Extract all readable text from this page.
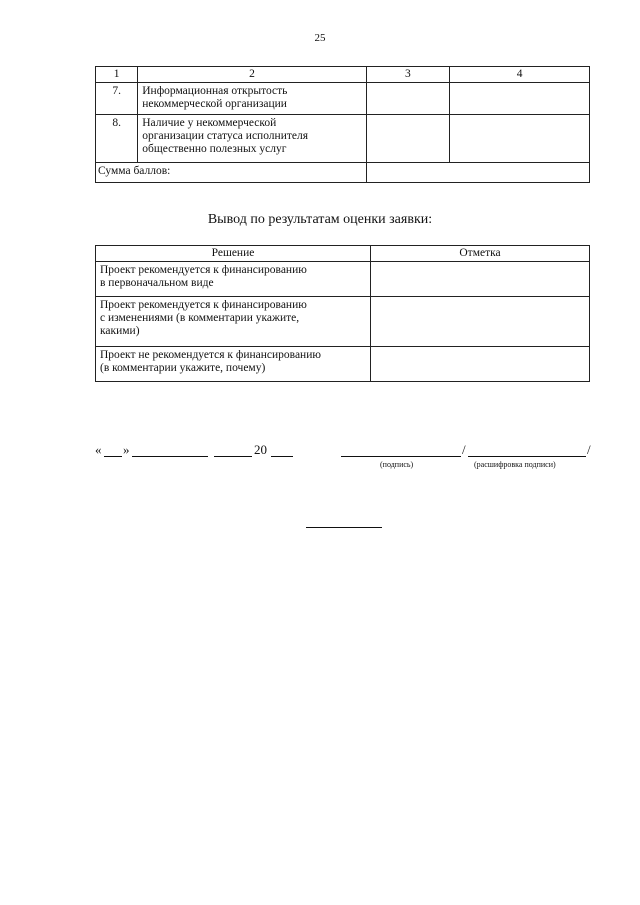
25
1	2	3	4
7.	Информационная открытость
некоммерческой организации		

8.	Наличие у некоммерческой
организации статуса исполнителя
общественно полезных услуг		

Сумма баллов:			
Вывод по результатам оценки заявки:
Решение	Отметка

Проект рекомендуется к финансированию
в первоначальном виде	

Проект рекомендуется к финансированию
с изменениями (в комментарии укажите,
какими)	

Проект не рекомендуется к финансированию
(в комментарии укажите, почему)	

« »	20	/	/
(подпись)	(расшифровка подписи)
